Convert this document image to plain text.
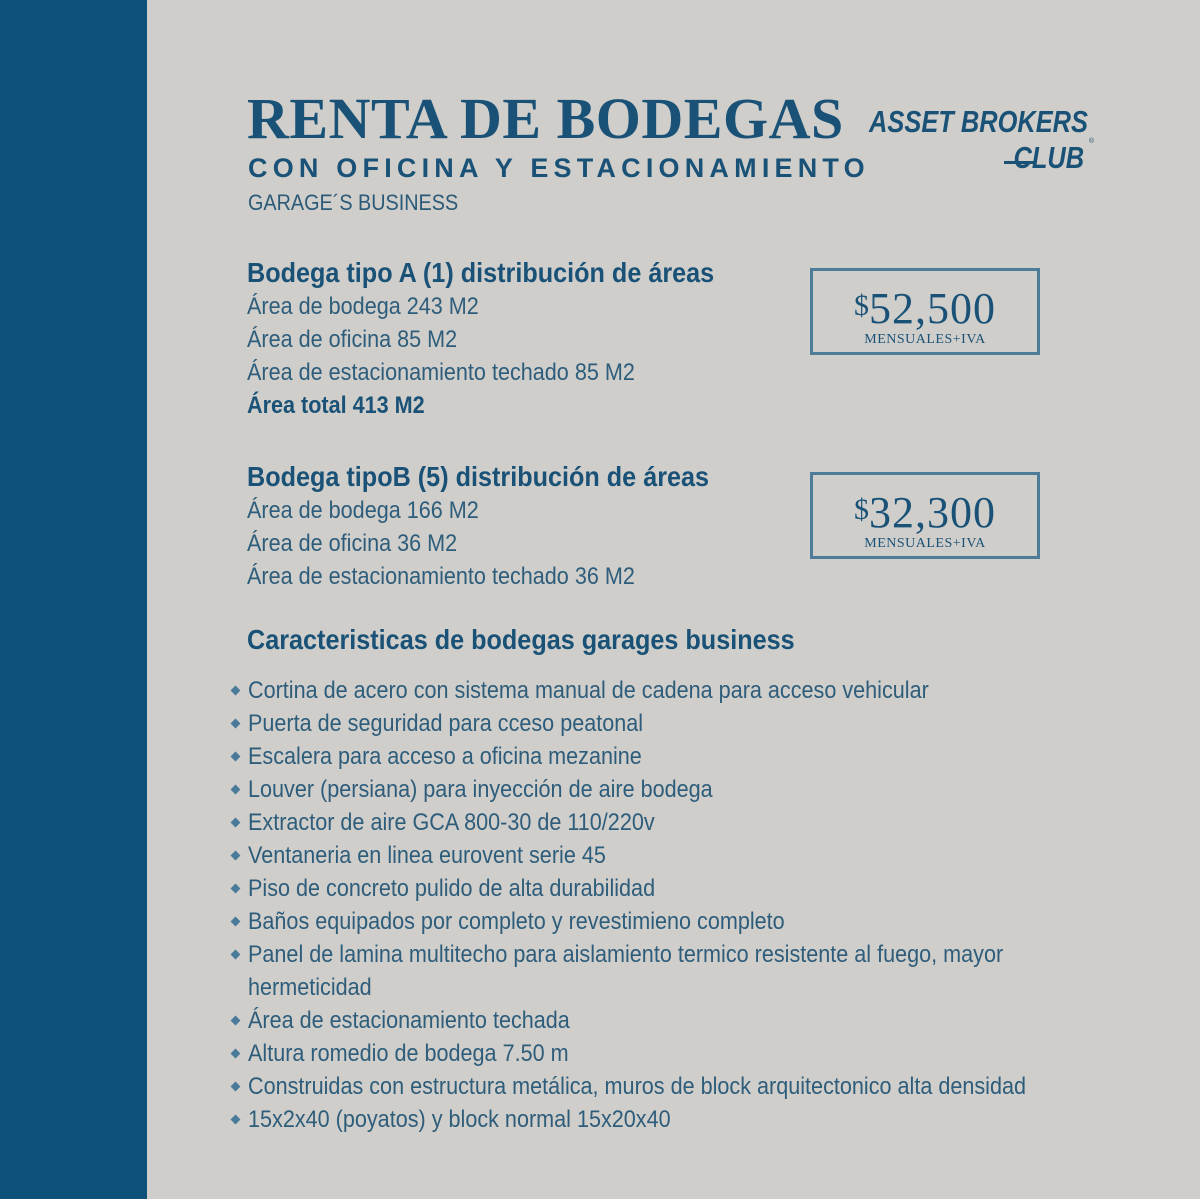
RENTA DE BODEGAS
CON OFICINA Y ESTACIONAMIENTO
GARAGE´S BUSINESS
ASSET BROKERS
CLUB ®
Bodega tipo A (1) distribución de áreas
Área de bodega 243 M2
Área de oficina 85 M2
Área de estacionamiento techado 85 M2
Área total 413 M2
$52,500
MENSUALES+IVA
Bodega tipoB (5) distribución de áreas
Área de bodega 166 M2
Área de oficina 36 M2
Área de estacionamiento techado 36 M2
$32,300
MENSUALES+IVA
Caracteristicas de bodegas garages business
Cortina de acero con sistema manual de cadena para acceso vehicular
Puerta de seguridad para cceso peatonal
Escalera para acceso a oficina mezanine
Louver (persiana) para inyección de aire bodega
Extractor de aire GCA 800-30 de 110/220v
Ventaneria en linea eurovent serie 45
Piso de concreto pulido de alta durabilidad
Baños equipados por completo y revestimieno completo
Panel de lamina multitecho para aislamiento termico resistente al fuego, mayor hermeticidad
Área de estacionamiento techada
Altura romedio de bodega 7.50 m
Construidas con estructura metálica, muros de block arquitectonico alta densidad
15x2x40 (poyatos) y block normal 15x20x40
